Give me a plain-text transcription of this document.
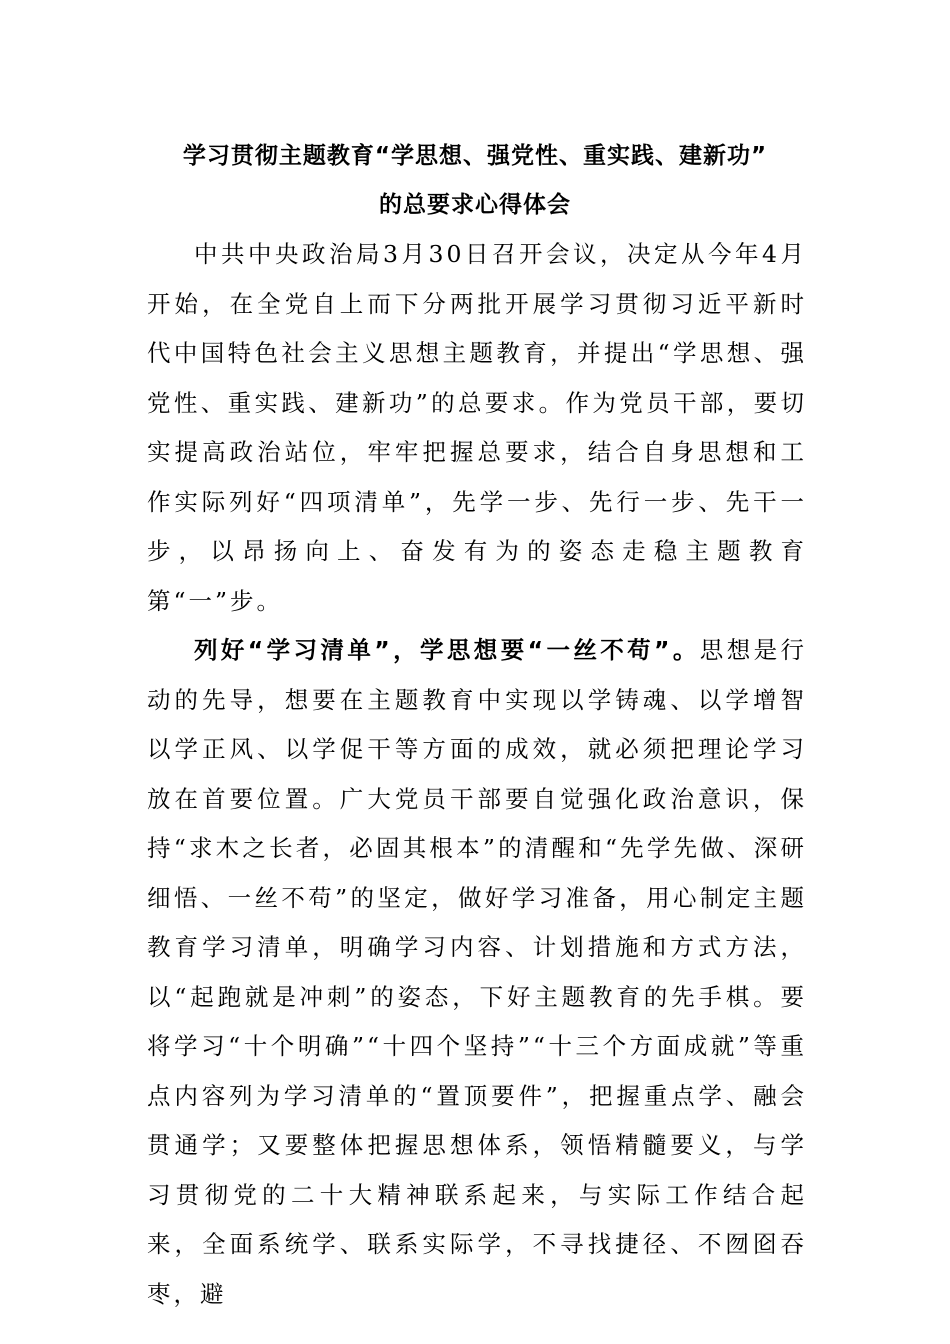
学习贯彻主题教育“学思想、强党性、重实践、建新功”
的总要求心得体会

中共中央政治局3月30日召开会议，决定从今年4月开始，在全党自上而下分两批开展学习贯彻习近平新时代中国特色社会主义思想主题教育，并提出“学思想、强党性、重实践、建新功”的总要求。作为党员干部，要切实提高政治站位，牢牢把握总要求，结合自身思想和工作实际列好“四项清单”，先学一步、先行一步、先干一步，以昂扬向上、奋发有为的姿态走稳主题教育第“一”步。

列好“学习清单”，学思想要“一丝不苟”。思想是行动的先导，想要在主题教育中实现以学铸魂、以学增智以学正风、以学促干等方面的成效，就必须把理论学习放在首要位置。广大党员干部要自觉强化政治意识，保持“求木之长者，必固其根本”的清醒和“先学先做、深研细悟、一丝不苟”的坚定，做好学习准备，用心制定主题教育学习清单，明确学习内容、计划措施和方式方法，以“起跑就是冲刺”的姿态，下好主题教育的先手棋。要将学习“十个明确”“十四个坚持”“十三个方面成就”等重点内容列为学习清单的“置顶要件”，把握重点学、融会贯通学；又要整体把握思想体系，领悟精髓要义，与学习贯彻党的二十大精神联系起来，与实际工作结合起来，全面系统学、联系实际学，不寻找捷径、不囫囵吞枣，避
